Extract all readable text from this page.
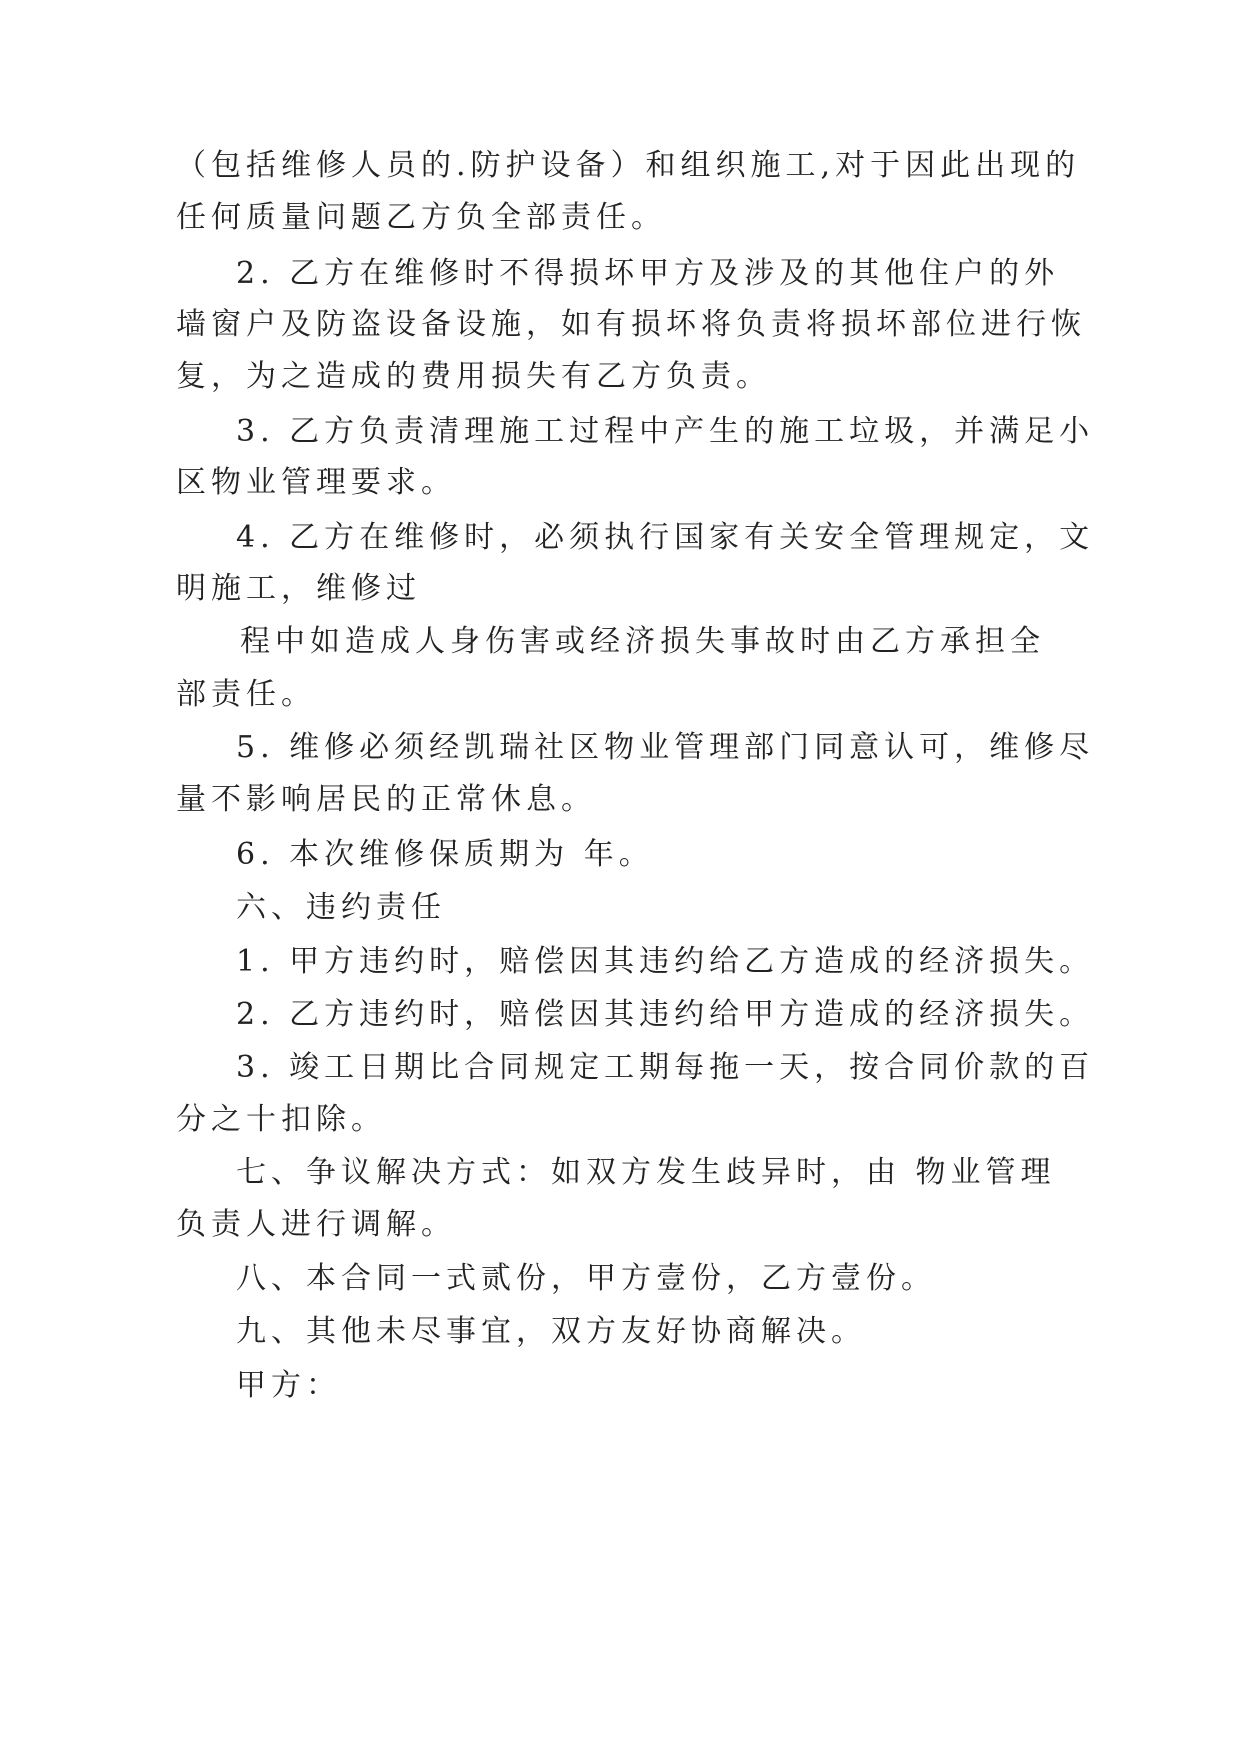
（包括维修人员的.防护设备）和组织施工,对于因此出现的
任何质量问题乙方负全部责任。
2. 乙方在维修时不得损坏甲方及涉及的其他住户的外
墙窗户及防盗设备设施，如有损坏将负责将损坏部位进行恢
复，为之造成的费用损失有乙方负责。
3. 乙方负责清理施工过程中产生的施工垃圾，并满足小
区物业管理要求。
4. 乙方在维修时，必须执行国家有关安全管理规定，文
明施工，维修过
程中如造成人身伤害或经济损失事故时由乙方承担全
部责任。
5. 维修必须经凯瑞社区物业管理部门同意认可，维修尽
量不影响居民的正常休息。
6. 本次维修保质期为 年。
六、违约责任
1. 甲方违约时，赔偿因其违约给乙方造成的经济损失。
2. 乙方违约时，赔偿因其违约给甲方造成的经济损失。
3. 竣工日期比合同规定工期每拖一天，按合同价款的百
分之十扣除。
七、争议解决方式：如双方发生歧异时，由 物业管理
负责人进行调解。
八、本合同一式贰份，甲方壹份，乙方壹份。
九、其他未尽事宜，双方友好协商解决。
甲方：
